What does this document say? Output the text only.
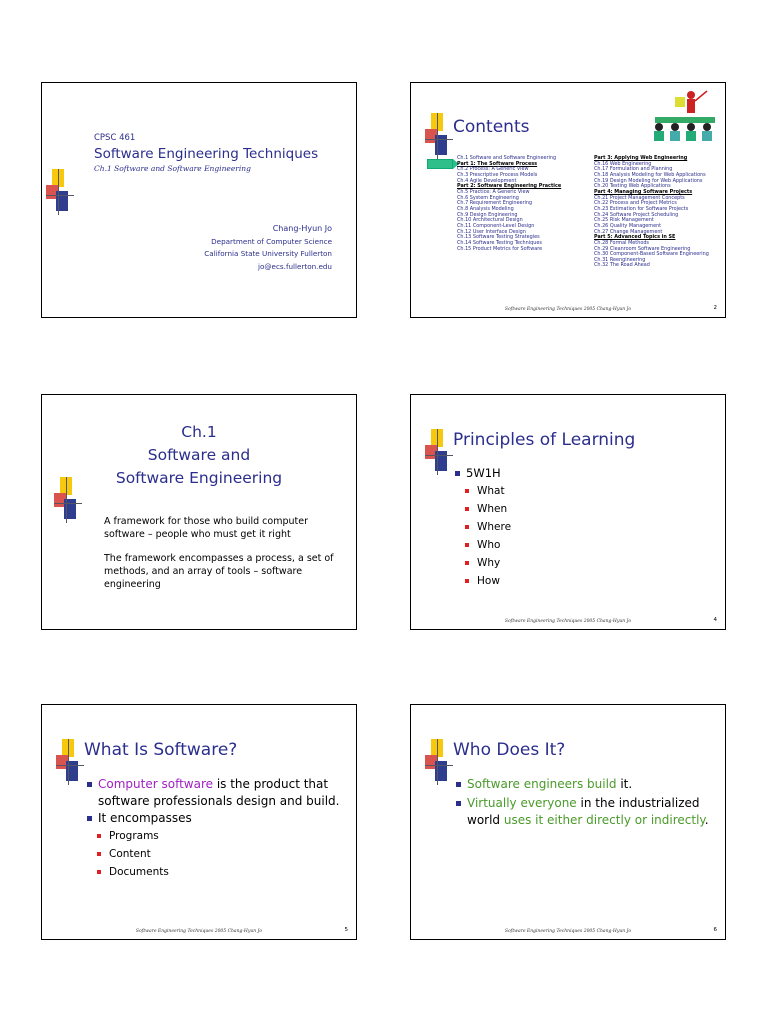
CPSC 461
Software Engineering Techniques
Ch.1 Software and Software Engineering
Chang-Hyun Jo
Department of Computer Science
California State University Fullerton
jo@ecs.fullerton.edu
Contents
Ch.1 Software and Software Engineering
Part 1: The Software Process
Ch.2 Process: A Generic View
Ch.3 Prescriptive Process Models
Ch.4 Agile Development
Part 2: Software Engineering Practice
Ch.5 Practice: A Generic View
Ch.6 System Engineering
Ch.7 Requirement Engineering
Ch.8 Analysis Modeling
Ch.9 Design Engineering
Ch.10 Architectural Design
Ch.11 Component-Level Design
Ch.12 User Interface Design
Ch.13 Software Testing Strategies
Ch.14 Software Testing Techniques
Ch.15 Product Metrics for Software
Part 3: Applying Web Engineering
Ch.16 Web Engineering
Ch.17 Formulation and Planning
Ch.18 Analysis Modeling for Web Applications
Ch.19 Design Modeling for Web Applications
Ch.20 Testing Web Applications
Part 4: Managing Software Projects
Ch.21 Project Management Concepts
Ch.22 Process and Project Metrics
Ch.23 Estimation for Software Projects
Ch.24 Software Project Scheduling
Ch.25 Risk Management
Ch.26 Quality Management
Ch.27 Change Management
Part 5: Advanced Topics in SE
Ch.28 Formal Methods
Ch.29 Cleanroom Software Engineering
Ch.30 Component-Based Software Engineering
Ch.31 Reengineering
Ch.32 The Road Ahead
Software Engineering Techniques 2005 Chang-Hyun Jo	2
Ch.1
Software and
Software Engineering

A framework for those who build computer software – people who must get it right

The framework encompasses a process, a set of methods, and an array of tools – software engineering

Principles of Learning
5W1H
What
When
Where
Who
Why
How
Software Engineering Techniques 2005 Chang-Hyun Jo	4
What Is Software?
Computer software is the product that software professionals design and build.
It encompasses
Programs
Content
Documents
Software Engineering Techniques 2005 Chang-Hyun Jo	5
Who Does It?
Software engineers build it.
Virtually everyone in the industrialized world uses it either directly or indirectly.
Software Engineering Techniques 2005 Chang-Hyun Jo	6
